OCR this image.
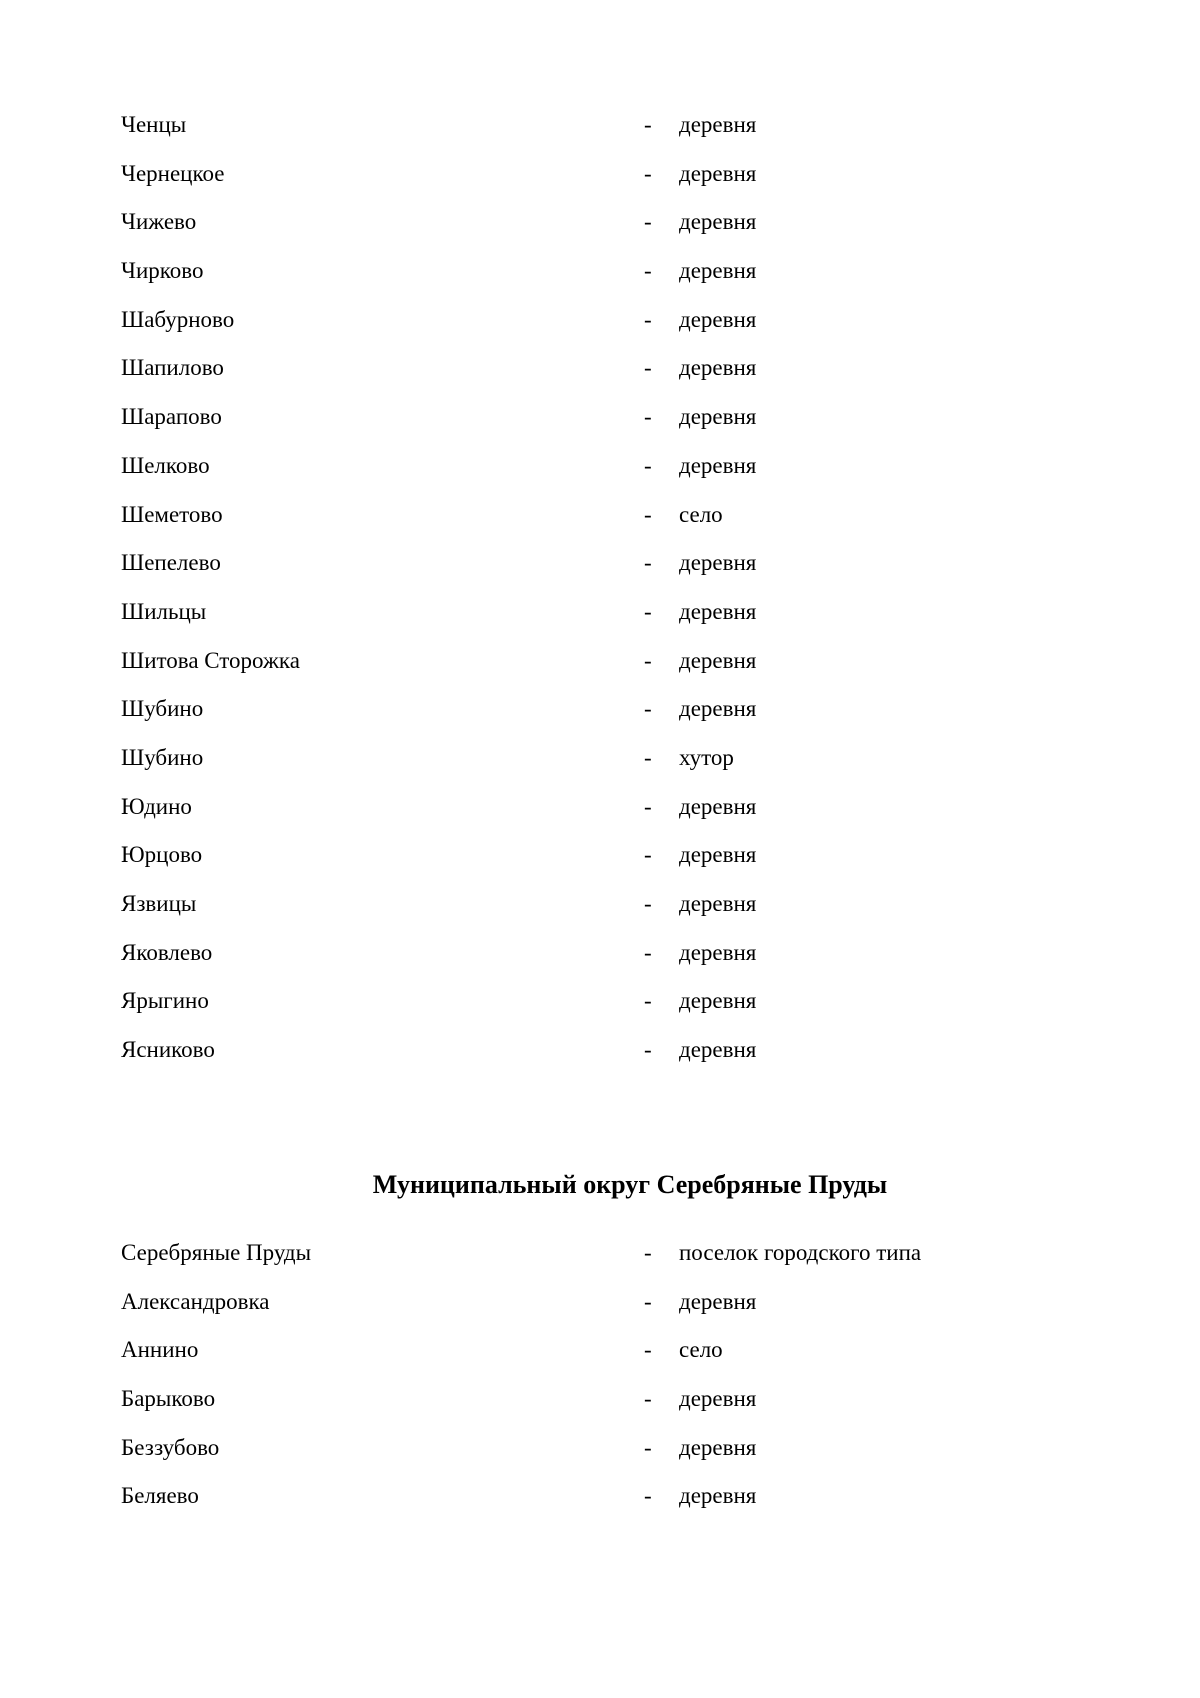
Ченцы	- деревня
Чернецкое	- деревня
Чижево	- деревня
Чирково	- деревня
Шабурново	- деревня
Шапилово	- деревня
Шарапово	- деревня
Шелково	- деревня
Шеметово	- село
Шепелево	- деревня
Шильцы	- деревня
Шитова Сторожка	- деревня
Шубино	- деревня
Шубино	- хутор
Юдино	- деревня
Юрцово	- деревня
Язвицы	- деревня
Яковлево	- деревня
Ярыгино	- деревня
Ясниково	- деревня
Муниципальный округ Серебряные Пруды
Серебряные Пруды	- поселок городского типа
Александровка	- деревня
Аннино	- село
Барыково	- деревня
Беззубово	- деревня
Беляево	- деревня
